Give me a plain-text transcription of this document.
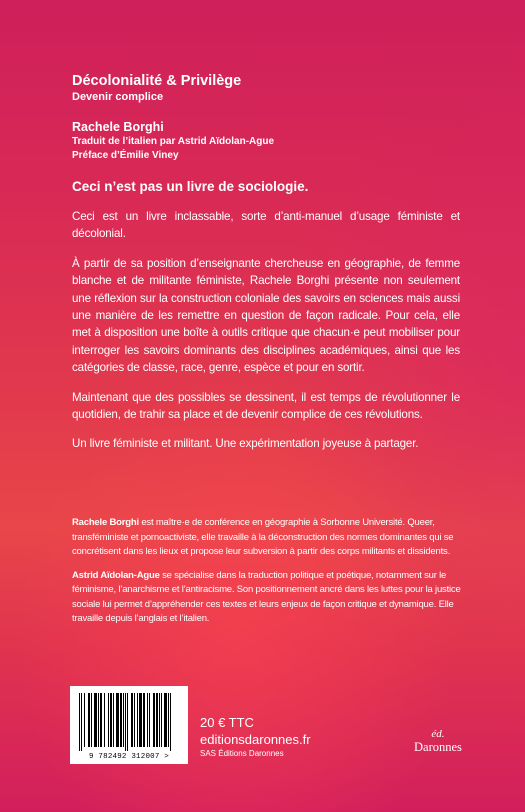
Décolonialité & Privilège
Devenir complice
Rachele Borghi
Traduit de l’italien par Astrid Aïdolan-Ague
Préface d’Émilie Viney

Ceci n’est pas un livre de sociologie.

Ceci est un livre inclassable, sorte d’anti-manuel d’usage féministe et décolonial.

À partir de sa position d’enseignante chercheuse en géographie, de femme blanche et de militante féministe, Rachele Borghi présente non seulement une réflexion sur la construction coloniale des savoirs en sciences mais aussi une manière de les remettre en question de façon radicale. Pour cela, elle met à disposition une boîte à outils critique que chacun·e peut mobiliser pour interroger les savoirs dominants des disciplines académiques, ainsi que les catégories de classe, race, genre, espèce et pour en sortir.

Maintenant que des possibles se dessinent, il est temps de révolutionner le quotidien, de trahir sa place et de devenir complice de ces révolutions.

Un livre féministe et militant. Une expérimentation joyeuse à partager.

Rachele Borghi est maître·e de conférence en géographie à Sorbonne Université. Queer, transféministe et pornoactiviste, elle travaille à la déconstruction des normes dominantes qui se concrétisent dans les lieux et propose leur subversion à partir des corps militants et dissidents.

Astrid Aïdolan-Ague se spécialise dans la traduction politique et poétique, notamment sur le féminisme, l’anarchisme et l’antiracisme. Son positionnement ancré dans les luttes pour la justice sociale lui permet d’appréhender ces textes et leurs enjeux de façon critique et dynamique. Elle travaille depuis l’anglais et l’italien.

9 782492 312007 >
20 € TTC
editionsdaronnes.fr
SAS Éditions Daronnes
éd.
Daronnes
